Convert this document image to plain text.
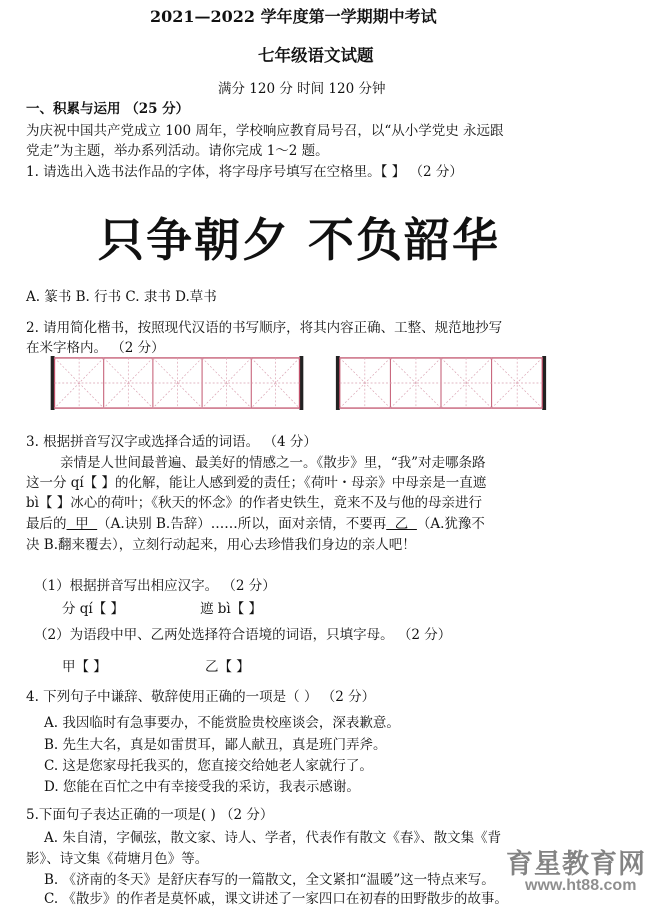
2021—2022 学年度第一学期期中考试
七年级语文试题
满分 120 分 时间 120 分钟
一、积累与运用 （25 分）
为庆祝中国共产党成立 100 周年，学校响应教育局号召，以“从小学党史 永远跟
党走”为主题，举办系列活动。请你完成 1～2 题。
1. 请选出入选书法作品的字体，将字母序号填写在空格里。【 】 （2 分）
只争朝夕 不负韶华
A. 篆书 B. 行书 C. 隶书 D.草书
2. 请用简化楷书，按照现代汉语的书写顺序，将其内容正确、工整、规范地抄写
在米字格内。 （2 分）
3. 根据拼音写汉字或选择合适的词语。 （4 分）
亲情是人世间最普遍、最美好的情感之一。《散步》里，“我”对走哪条路
这一分 qí【 】的化解，能让人感到爱的责任；《荷叶・母亲》中母亲是一直遮
bì【 】冰心的荷叶；《秋天的怀念》的作者史铁生，竟来不及与他的母亲进行
最后的  甲  （A.诀别 B.告辞）……所以，面对亲情，不要再  乙  （A.犹豫不
决 B.翻来覆去），立刻行动起来，用心去珍惜我们身边的亲人吧！
（1）根据拼音写出相应汉字。 （2 分）
分 qí【 】	遮 bì【 】
（2）为语段中甲、乙两处选择符合语境的词语，只填字母。 （2 分）
甲【 】	乙【 】
4. 下列句子中谦辞、敬辞使用正确的一项是（ ） （2 分）
A. 我因临时有急事要办，不能赏脸贵校座谈会，深表歉意。
B. 先生大名，真是如雷贯耳，鄙人献丑，真是班门弄斧。
C. 这是您家母托我买的，您直接交给她老人家就行了。
D. 您能在百忙之中有幸接受我的采访，我表示感谢。
5.下面句子表达正确的一项是( ) （2 分）
A. 朱自清，字佩弦，散文家、诗人、学者，代表作有散文《春》、散文集《背
影》、诗文集《荷塘月色》等。
B. 《济南的冬天》是舒庆春写的一篇散文，全文紧扣“温暖”这一特点来写。
C. 《散步》的作者是莫怀戚，课文讲述了一家四口在初春的田野散步的故事。
育星教育网
www.ht88.com
